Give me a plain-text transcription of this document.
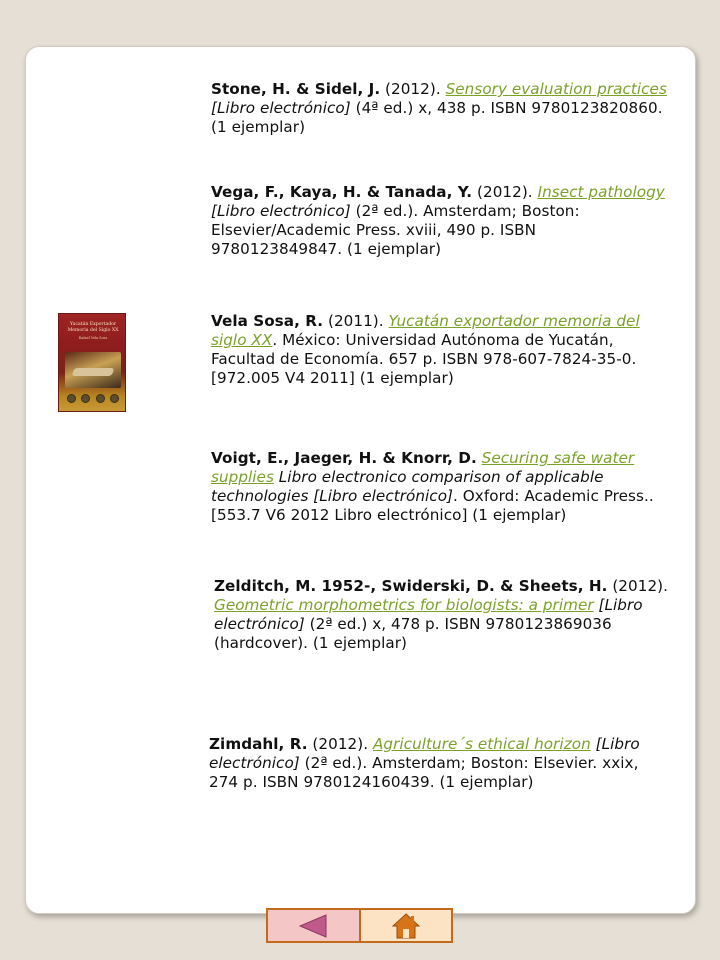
Stone, H. & Sidel, J. (2012). Sensory evaluation practices [Libro electrónico] (4ª ed.) x, 438 p. ISBN 9780123820860. (1 ejemplar)
Vega, F., Kaya, H. & Tanada, Y. (2012). Insect pathology [Libro electrónico] (2ª ed.). Amsterdam; Boston: Elsevier/Academic Press. xviii, 490 p. ISBN 9780123849847. (1 ejemplar)
Yucatán Exportador Memoria del Siglo XX
Rafael Vela Sosa
Vela Sosa, R. (2011). Yucatán exportador memoria del siglo XX. México: Universidad Autónoma de Yucatán, Facultad de Economía. 657 p. ISBN 978-607-7824-35-0. [972.005 V4 2011] (1 ejemplar)
Voigt, E., Jaeger, H. & Knorr, D. Securing safe water supplies Libro electronico comparison of applicable technologies [Libro electrónico]. Oxford: Academic Press.. [553.7 V6 2012 Libro electrónico] (1 ejemplar)
Zelditch, M. 1952-, Swiderski, D. & Sheets, H. (2012). Geometric morphometrics for biologists: a primer [Libro electrónico] (2ª ed.) x, 478 p. ISBN 9780123869036 (hardcover). (1 ejemplar)
Zimdahl, R. (2012). Agriculture´s ethical horizon [Libro electrónico] (2ª ed.). Amsterdam; Boston: Elsevier. xxix, 274 p. ISBN 9780124160439. (1 ejemplar)
